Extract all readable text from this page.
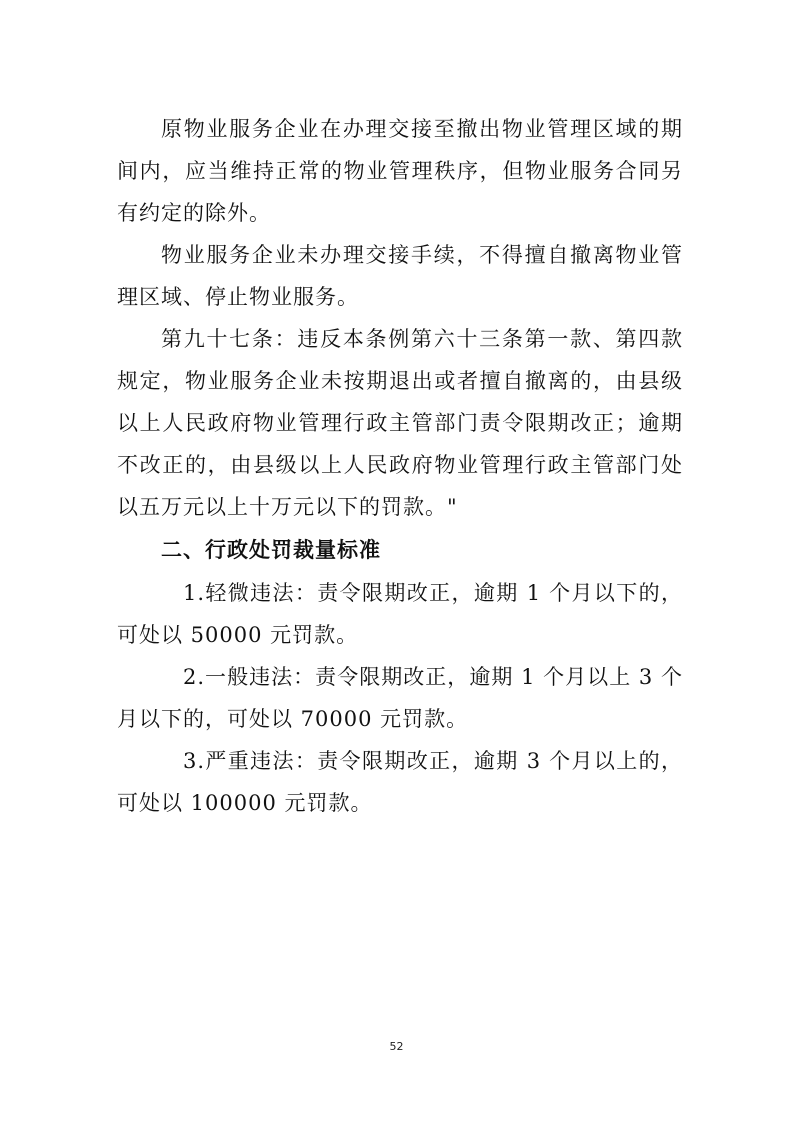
原物业服务企业在办理交接至撤出物业管理区域的期间内，应当维持正常的物业管理秩序，但物业服务合同另有约定的除外。

物业服务企业未办理交接手续，不得擅自撤离物业管理区域、停止物业服务。

第九十七条：违反本条例第六十三条第一款、第四款规定，物业服务企业未按期退出或者擅自撤离的，由县级以上人民政府物业管理行政主管部门责令限期改正；逾期不改正的，由县级以上人民政府物业管理行政主管部门处以五万元以上十万元以下的罚款。"

二、行政处罚裁量标准

1.轻微违法：责令限期改正，逾期 1 个月以下的，可处以 50000 元罚款。

2.一般违法：责令限期改正，逾期 1 个月以上 3 个月以下的，可处以 70000 元罚款。

3.严重违法：责令限期改正，逾期 3 个月以上的，可处以 100000 元罚款。

52
